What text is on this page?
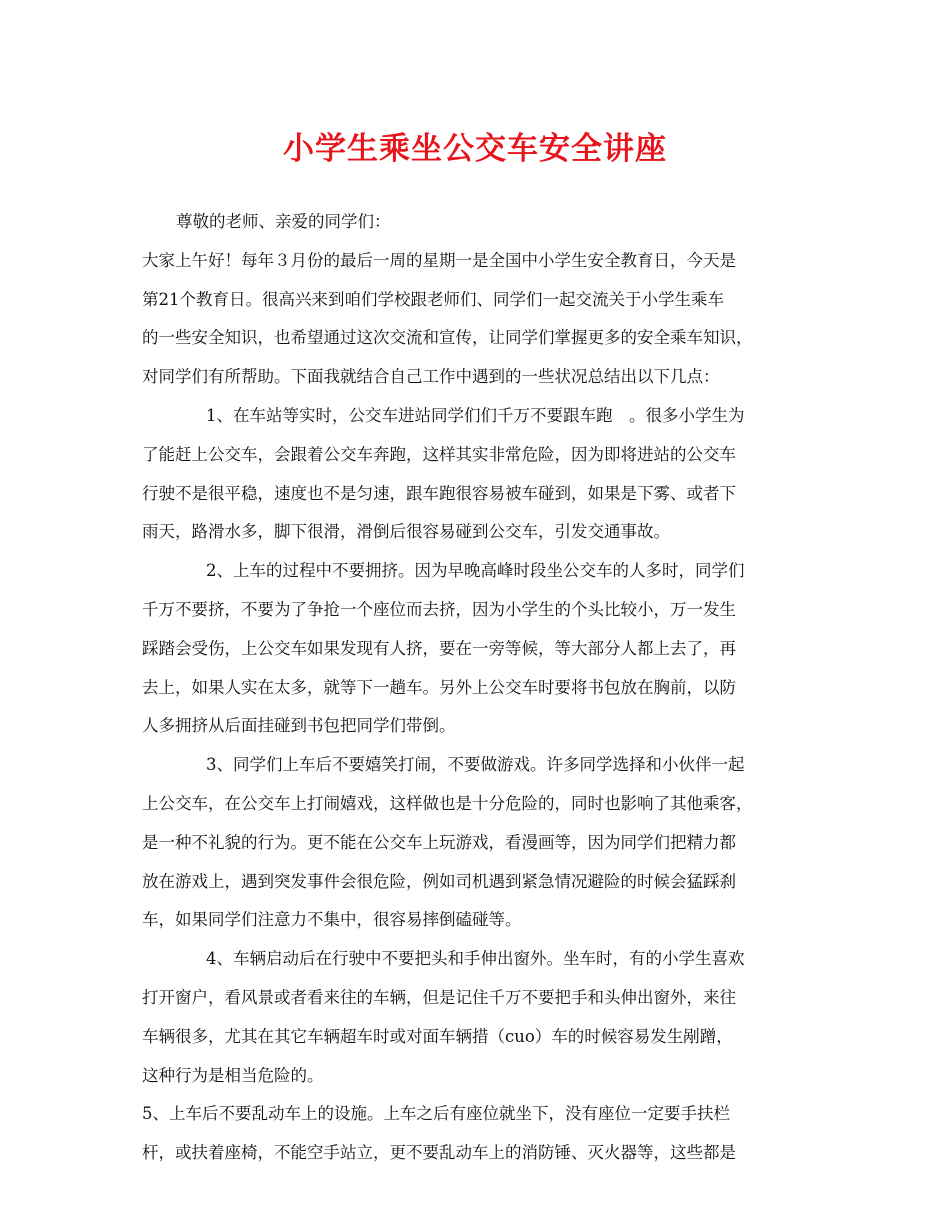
小学生乘坐公交车安全讲座
尊敬的老师、亲爱的同学们：
大家上午好！每年３月份的最后一周的星期一是全国中小学生安全教育日，今天是
第21个教育日。很高兴来到咱们学校跟老师们、同学们一起交流关于小学生乘车
的一些安全知识，也希望通过这次交流和宣传，让同学们掌握更多的安全乘车知识，
对同学们有所帮助。下面我就结合自己工作中遇到的一些状况总结出以下几点：
1、在车站等实时，公交车进站同学们们千万不要跟车跑　。很多小学生为
了能赶上公交车，会跟着公交车奔跑，这样其实非常危险，因为即将进站的公交车
行驶不是很平稳，速度也不是匀速，跟车跑很容易被车碰到，如果是下雾、或者下
雨天，路滑水多，脚下很滑，滑倒后很容易碰到公交车，引发交通事故。
2、上车的过程中不要拥挤。因为早晚高峰时段坐公交车的人多时，同学们
千万不要挤，不要为了争抢一个座位而去挤，因为小学生的个头比较小，万一发生
踩踏会受伤，上公交车如果发现有人挤，要在一旁等候，等大部分人都上去了，再
去上，如果人实在太多，就等下一趟车。另外上公交车时要将书包放在胸前，以防
人多拥挤从后面挂碰到书包把同学们带倒。
3、同学们上车后不要嬉笑打闹，不要做游戏。许多同学选择和小伙伴一起
上公交车，在公交车上打闹嬉戏，这样做也是十分危险的，同时也影响了其他乘客，
是一种不礼貌的行为。更不能在公交车上玩游戏，看漫画等，因为同学们把精力都
放在游戏上，遇到突发事件会很危险，例如司机遇到紧急情况避险的时候会猛踩刹
车，如果同学们注意力不集中，很容易摔倒磕碰等。
4、车辆启动后在行驶中不要把头和手伸出窗外。坐车时，有的小学生喜欢
打开窗户，看风景或者看来往的车辆，但是记住千万不要把手和头伸出窗外，来往
车辆很多，尤其在其它车辆超车时或对面车辆措（cuo）车的时候容易发生剐蹭，
这种行为是相当危险的。
5、上车后不要乱动车上的设施。上车之后有座位就坐下，没有座位一定要手扶栏
杆，或扶着座椅，不能空手站立，更不要乱动车上的消防锤、灭火器等，这些都是
